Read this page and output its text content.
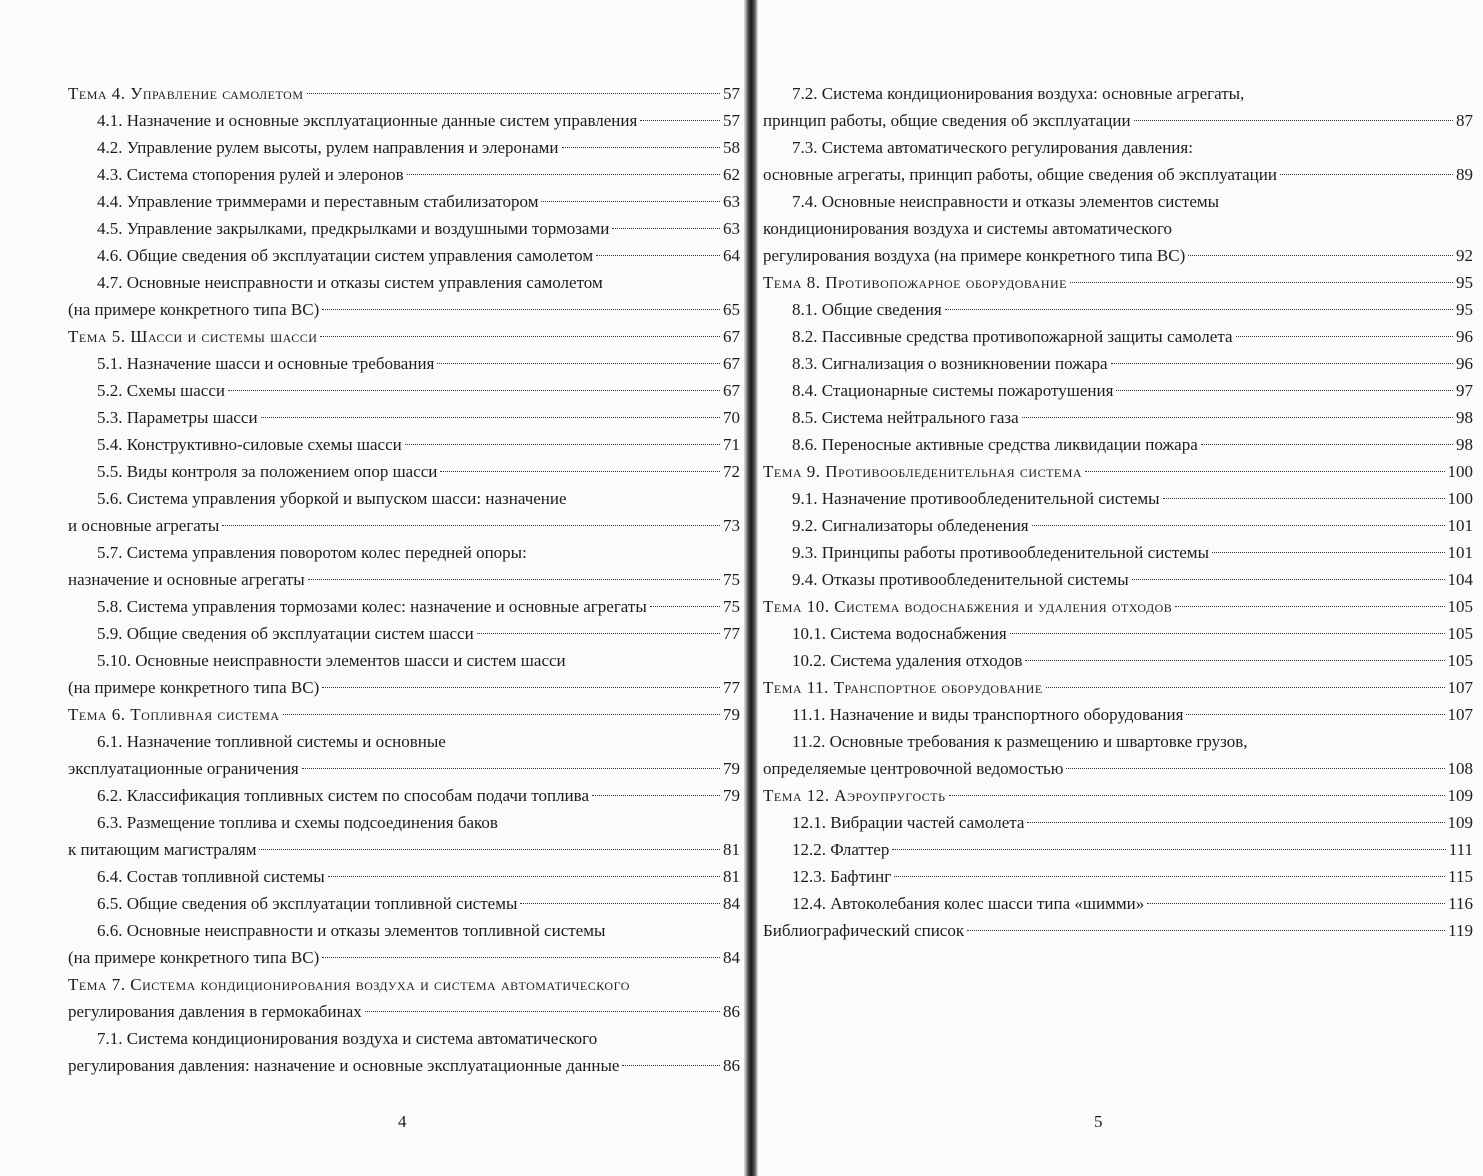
Тема 4. Управление самолетом	57
4.1. Назначение и основные эксплуатационные данные систем управления	57
4.2. Управление рулем высоты, рулем направления и элеронами	58
4.3. Система стопорения рулей и элеронов	62
4.4. Управление триммерами и переставным стабилизатором	63
4.5. Управление закрылками, предкрылками и воздушными тормозами	63
4.6. Общие сведения об эксплуатации систем управления самолетом	64
4.7. Основные неисправности и отказы систем управления самолетом
(на примере конкретного типа ВС)	65
Тема 5. Шасси и системы шасси	67
5.1. Назначение шасси и основные требования	67
5.2. Схемы шасси	67
5.3. Параметры шасси	70
5.4. Конструктивно-силовые схемы шасси	71
5.5. Виды контроля за положением опор шасси	72
5.6. Система управления уборкой и выпуском шасси: назначение
и основные агрегаты	73
5.7. Система управления поворотом колес передней опоры:
назначение и основные агрегаты	75
5.8. Система управления тормозами колес: назначение и основные агрегаты	75
5.9. Общие сведения об эксплуатации систем шасси	77
5.10. Основные неисправности элементов шасси и систем шасси
(на примере конкретного типа ВС)	77
Тема 6. Топливная система	79
6.1. Назначение топливной системы и основные
эксплуатационные ограничения	79
6.2. Классификация топливных систем по способам подачи топлива	79
6.3. Размещение топлива и схемы подсоединения баков
к питающим магистралям	81
6.4. Состав топливной системы	81
6.5. Общие сведения об эксплуатации топливной системы	84
6.6. Основные неисправности и отказы элементов топливной системы
(на примере конкретного типа ВС)	84
Тема 7. Система кондиционирования воздуха и система автоматического
регулирования давления в гермокабинах	86
7.1. Система кондиционирования воздуха и система автоматического
регулирования давления: назначение и основные эксплуатационные данные	86
4
7.2. Система кондиционирования воздуха: основные агрегаты,
принцип работы, общие сведения об эксплуатации	87
7.3. Система автоматического регулирования давления:
основные агрегаты, принцип работы, общие сведения об эксплуатации	89
7.4. Основные неисправности и отказы элементов системы
кондиционирования воздуха и системы автоматического
регулирования воздуха (на примере конкретного типа ВС)	92
Тема 8. Противопожарное оборудование	95
8.1. Общие сведения	95
8.2. Пассивные средства противопожарной защиты самолета	96
8.3. Сигнализация о возникновении пожара	96
8.4. Стационарные системы пожаротушения	97
8.5. Система нейтрального газа	98
8.6. Переносные активные средства ликвидации пожара	98
Тема 9. Противообледенительная система	100
9.1. Назначение противообледенительной системы	100
9.2. Сигнализаторы обледенения	101
9.3. Принципы работы противообледенительной системы	101
9.4. Отказы противообледенительной системы	104
Тема 10. Система водоснабжения и удаления отходов	105
10.1. Система водоснабжения	105
10.2. Система удаления отходов	105
Тема 11. Транспортное оборудование	107
11.1. Назначение и виды транспортного оборудования	107
11.2. Основные требования к размещению и швартовке грузов,
определяемые центровочной ведомостью	108
Тема 12. Аэроупругость	109
12.1. Вибрации частей самолета	109
12.2. Флаттер	111
12.3. Бафтинг	115
12.4. Автоколебания колес шасси типа «шимми»	116
Библиографический список	119
5
